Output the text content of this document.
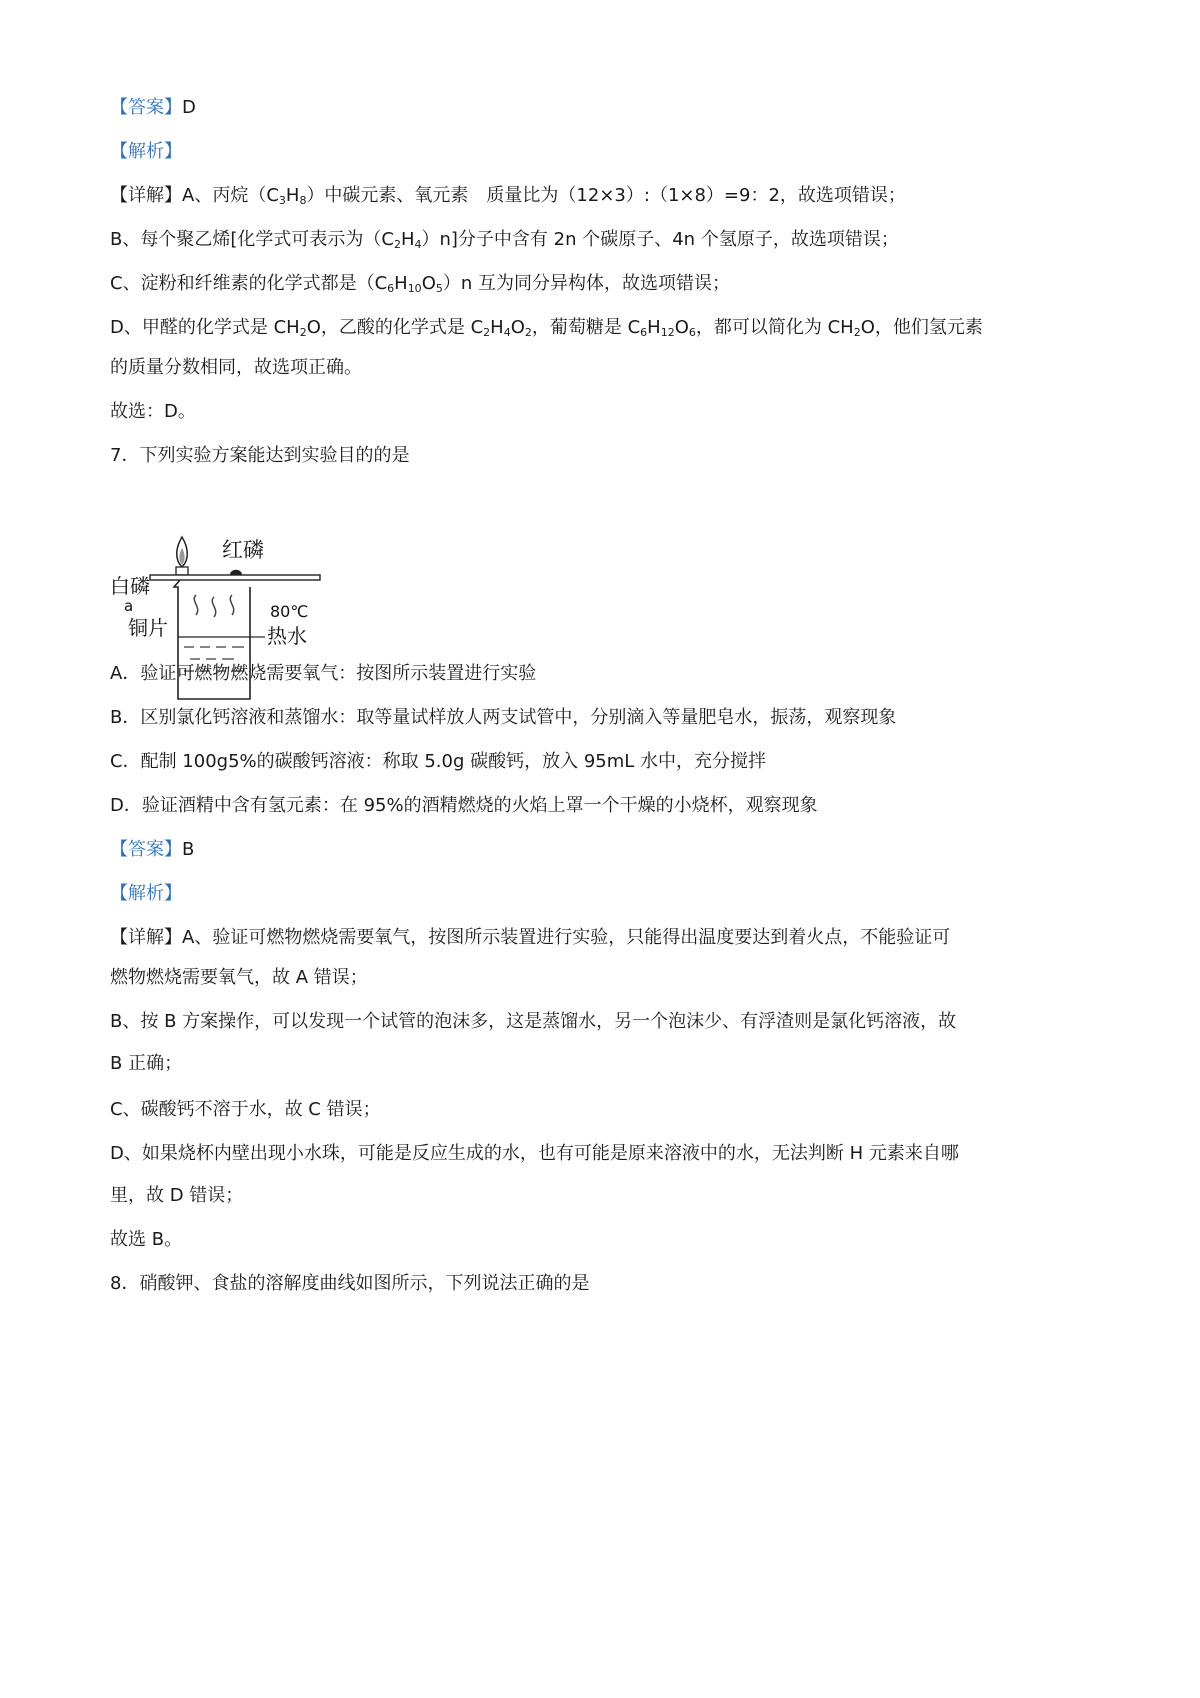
【答案】D
【解析】
【详解】A、丙烷$(C_3H_8)$中碳元素、氧元素　质量比为（12×3）:（1×8）=9：2，故选项错误；
B、每个聚乙烯[化学式可表示为$(C_2H_4)n$]分子中含有 2n 个碳原子、4n 个氢原子，故选项错误；
C、淀粉和纤维素的化学式都是$(C_6H_{10}O_5)n$ 互为同分异构体，故选项错误；
D、甲醛的化学式是 $CH_2O$，乙酸的化学式是 $C_2H_4O_2$，葡萄糖是 $C_6H_{12}O_6$，都可以简化为 $CH_2O$，他们氢元素
的质量分数相同，故选项正确。
故选：D。
7．下列实验方案能达到实验目的的是
红磷
白磷
a
铜片
80℃
热水
A．验证可燃物燃烧需要氧气：按图所示装置进行实验
B．区别氯化钙溶液和蒸馏水：取等量试样放人两支试管中，分别滴入等量肥皂水，振荡，观察现象
C．配制 100g5%的碳酸钙溶液：称取 5.0g 碳酸钙，放入 95mL 水中，充分搅拌
D．验证酒精中含有氢元素：在 95%的酒精燃烧的火焰上罩一个干燥的小烧杯，观察现象
【答案】B
【解析】
【详解】A、验证可燃物燃烧需要氧气，按图所示装置进行实验，只能得出温度要达到着火点，不能验证可
燃物燃烧需要氧气，故 A 错误；
B、按 B 方案操作，可以发现一个试管的泡沫多，这是蒸馏水，另一个泡沫少、有浮渣则是氯化钙溶液，故
B 正确；
C、碳酸钙不溶于水，故 C 错误；
D、如果烧杯内壁出现小水珠，可能是反应生成的水，也有可能是原来溶液中的水，无法判断 H 元素来自哪
里，故 D 错误；
故选 B。
8．硝酸钾、食盐的溶解度曲线如图所示，下列说法正确的是
